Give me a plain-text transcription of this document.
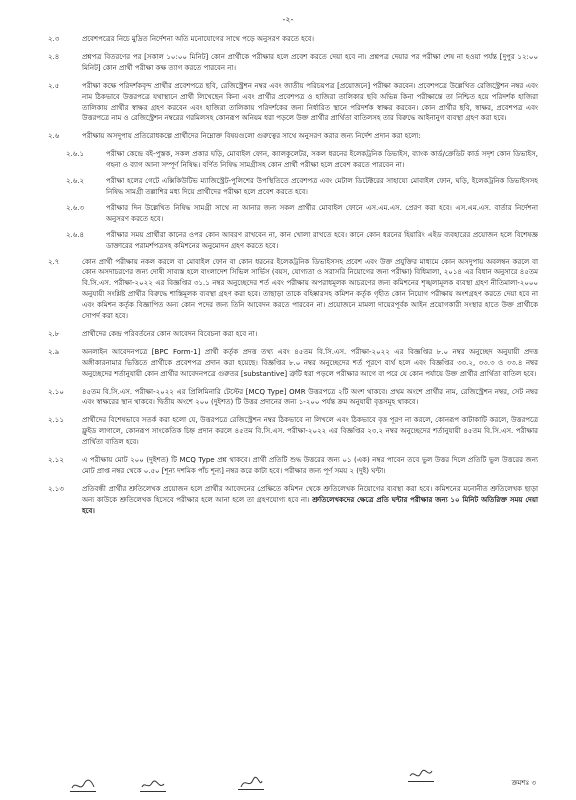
-২-
২.৩	প্রবেশপত্রের নিচে মুদ্রিত নির্দেশনা অতি মনোযোগের সাথে পড়ে অনুসরণ করতে হবে।
২.৪	প্রশ্নপত্র বিতরণের পর [সকাল ১০:০০ মিনিট] কোন প্রার্থীকে পরীক্ষার হলে প্রবেশ করতে দেয়া হবে না। প্রশ্নপত্র দেয়ার পর পরীক্ষা শেষ না হওয়া পর্যন্ত [দুপুর ১২:০০ মিনিট] কোন প্রার্থী পরীক্ষা কক্ষ ত্যাগ করতে পারবেন না।
২.৫	পরীক্ষা কক্ষে পরিদর্শকবৃন্দ প্রার্থীর প্রবেশপত্রে ছবি, রেজিস্ট্রেশন নম্বর এবং জাতীয় পরিচয়পত্র [প্রয়োজনে] পরীক্ষা করবেন। প্রবেশপত্রে উল্লেখিত রেজিস্ট্রেশন নম্বর এবং নাম ঠিকভাবে উত্তরপত্রে যথাস্থানে প্রার্থী লিখেছেন কিনা এবং প্রার্থীর প্রবেশপত্র ও হাজিরা তালিকার ছবি অভিন্ন কিনা পরীক্ষান্তে তা নিশ্চিত হয়ে পরিদর্শক হাজিরা তালিকায় প্রার্থীর স্বাক্ষর গ্রহণ করবেন এবং হাজিরা তালিকায় পরিদর্শকের জন্য নির্ধারিত স্থানে পরিদর্শক স্বাক্ষর করবেন। কোন প্রার্থীর ছবি, স্বাক্ষর, প্রবেশপত্র এবং উত্তরপত্রে নাম ও রেজিস্ট্রেশন নম্বরের গরমিলসহ কোনরূপ অনিয়ম ধরা পড়লে উক্ত প্রার্থীর প্রার্থিতা বাতিলসহ তার বিরুদ্ধে আইনানুগ ব্যবস্থা গ্রহণ করা হবে।
২.৬	পরীক্ষায় অসদুপায় প্রতিরোধকল্পে প্রার্থীদের নিম্নোক্ত বিষয়গুলো গুরুত্বের সাথে অনুসরণ করার জন্য নির্দেশ প্রদান করা হলো:
২.৬.১	পরীক্ষা কেন্দ্রে বই-পুস্তক, সকল প্রকার ঘড়ি, মোবাইল ফোন, ক্যালকুলেটর, সকল ধরনের ইলেকট্রনিক ডিভাইস, ব্যাংক কার্ড/ক্রেডিট কার্ড সদৃশ কোন ডিভাইস, গহনা ও ব্যাগ আনা সম্পূর্ণ নিষিদ্ধ। বর্ণিত নিষিদ্ধ সামগ্রীসহ কোন প্রার্থী পরীক্ষা হলে প্রবেশ করতে পারবেন না।
২.৬.২	পরীক্ষা হলের গেটে এক্সিকিউটিভ ম্যাজিস্ট্রেট-পুলিশের উপস্থিতিতে প্রবেশপত্র এবং মেটাল ডিটেক্টরের সাহায্যে মোবাইল ফোন, ঘড়ি, ইলেকট্রনিক ডিভাইসসহ নিষিদ্ধ সামগ্রী তল্লাশির মধ্য দিয়ে প্রার্থীদের পরীক্ষা হলে প্রবেশ করতে হবে।
২.৬.৩	পরীক্ষার দিন উল্লেখিত নিষিদ্ধ সামগ্রী সাথে না আনার জন্য সকল প্রার্থীর মোবাইল ফোনে এস.এম.এস. প্রেরণ করা হবে। এস.এম.এস. বার্তার নির্দেশনা অনুসরণ করতে হবে।
২.৬.৪	পরীক্ষার সময় প্রার্থীরা কানের ওপর কোন আবরণ রাখবেন না, কান খোলা রাখতে হবে। কানে কোন ধরনের হিয়ারিং এইড ব্যবহারের প্রয়োজন হলে বিশেষজ্ঞ ডাক্তারের পরামর্শপত্রসহ কমিশনের অনুমোদন গ্রহণ করতে হবে।
২.৭	কোন প্রার্থী পরীক্ষায় নকল করলে বা মোবাইল ফোন বা কোন ধরনের ইলেকট্রনিক ডিভাইসসহ প্রবেশ এবং উক্ত প্রযুক্তির মাধ্যমে কোন অসদুপায় অবলম্বন করলে বা কোন অসদাচরণের জন্য দোষী সাব্যস্ত হলে বাংলাদেশ সিভিল সার্ভিস (বয়স, যোগ্যতা ও সরাসরি নিয়োগের জন্য পরীক্ষা) বিধিমালা, ২০১৪ এর বিধান অনুসারে ৪৫তম বি.সি.এস. পরীক্ষা-২০২২ এর বিজ্ঞপ্তির ৩১.১ নম্বর অনুচ্ছেদের শর্ত এবং পরীক্ষায় অপরাধমূলক আচরণের জন্য কমিশনের শৃঙ্খলামূলক ব্যবস্থা গ্রহণ নীতিমালা-২০০০ অনুযায়ী সংশ্লিষ্ট প্রার্থীর বিরুদ্ধে শাস্তিমূলক ব্যবস্থা গ্রহণ করা হবে। তাছাড়া তাকে বহিষ্কারসহ কমিশন কর্তৃক গৃহীত কোন নিয়োগ পরীক্ষায় অংশগ্রহণ করতে দেয়া হবে না এবং কমিশন কর্তৃক বিজ্ঞাপিত অন্য কোন পদের জন্য তিনি আবেদন করতে পারবেন না। প্রয়োজনে মামলা দায়েরপূর্বক আইন প্রয়োগকারী সংস্থার হাতে উক্ত প্রার্থীকে সোপর্দ করা হবে।
২.৮	প্রার্থীদের কেন্দ্র পরিবর্তনের কোন আবেদন বিবেচনা করা হবে না।
২.৯	অনলাইন আবেদনপত্রে [BPC Form-1] প্রার্থী কর্তৃক প্রদত্ত তথ্য এবং ৪৫তম বি.সি.এস. পরীক্ষা-২০২২ এর বিজ্ঞপ্তির ৮.০ নম্বর অনুচ্ছেদ অনুযায়ী প্রদত্ত অঙ্গীকারনামার ভিত্তিতে প্রার্থীকে প্রবেশপত্র প্রদান করা হয়েছে। বিজ্ঞপ্তির ৮.০ নম্বর অনুচ্ছেদের শর্ত পূরণে ব্যর্থ হলে এবং বিজ্ঞপ্তির ৩৩.২, ৩৩.৩ ও ৩৩.৪ নম্বর অনুচ্ছেদের শর্তানুযায়ী কোন প্রার্থীর আবেদনপত্রে গুরুতর [substantive] ত্রুটি ধরা পড়লে পরীক্ষার আগে বা পরে যে কোন পর্যায়ে উক্ত প্রার্থীর প্রার্থিতা বাতিল হবে।
২.১০	৪৫তম বি.সি.এস. পরীক্ষা-২০২২ এর প্রিলিমিনারি টেস্টের [MCQ Type] OMR উত্তরপত্রে ২টি অংশ থাকবে। প্রথম অংশে প্রার্থীর নাম, রেজিস্ট্রেশন নম্বর, সেট নম্বর এবং স্বাক্ষরের স্থান থাকবে। দ্বিতীয় অংশে ২০০ (দুইশত) টি উত্তর প্রদানের জন্য ১-২০০ পর্যন্ত ক্রম অনুযায়ী বৃত্তসমূহ থাকবে।
২.১১	প্রার্থীদের বিশেষভাবে সতর্ক করা হলো যে, উত্তরপত্রে রেজিস্ট্রেশন নম্বর ঠিকভাবে না লিখলে এবং ঠিকভাবে বৃত্ত পূরণ না করলে, কোনরূপ কাটাকাটি করলে, উত্তরপত্রে ফ্লুইড লাগালে, কোনরূপ সাংকেতিক চিহ্ন প্রদান করলে ৪৫তম বি.সি.এস. পরীক্ষা-২০২২ এর বিজ্ঞপ্তির ২৩.২ নম্বর অনুচ্ছেদের শর্তানুযায়ী ৪৫তম বি.সি.এস. পরীক্ষার প্রার্থিতা বাতিল হবে।
২.১২	এ পরীক্ষায় মোট ২০০ (দুইশত) টি MCQ Type প্রশ্ন থাকবে। প্রার্থী প্রতিটি শুদ্ধ উত্তরের জন্য ০১ (এক) নম্বর পাবেন তবে ভুল উত্তর দিলে প্রতিটি ভুল উত্তরের জন্য মোট প্রাপ্ত নম্বর থেকে ০.৫০ [শূন্য দশমিক পাঁচ শূন্য] নম্বর করে কাটা হবে। পরীক্ষার জন্য পূর্ণ সময় ২ (দুই) ঘন্টা।
২.১৩	প্রতিবন্ধী প্রার্থীর শ্রুতিলেখক প্রয়োজন হলে প্রার্থীর আবেদনের প্রেক্ষিতে কমিশন থেকে শ্রুতিলেখক নিয়োগের ব্যবস্থা করা হবে। কমিশনের মনোনীত শ্রুতিলেখক ছাড়া অন্য কাউকে শ্রুতিলেখক হিসেবে পরীক্ষার হলে আনা হলে তা গ্রহণযোগ্য হবে না। শ্রুতিলেখকদের ক্ষেত্রে প্রতি ঘন্টার পরীক্ষার জন্য ১০ মিনিট অতিরিক্ত সময় দেয়া হবে।
ক্রমশঃ ৩
